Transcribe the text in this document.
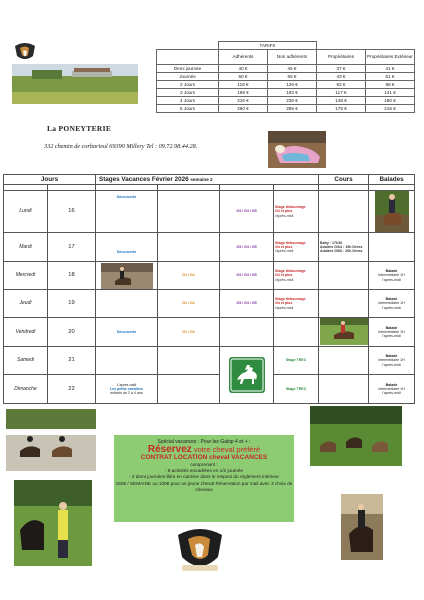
	TARIFS			
	Adhérents	Non adhérents	Propriétaires	Propriétaires Extérieur
Demi journée	40 €	45 €	37 €	41 €
Journée	60 €	65 €	43 €	51 €
2 Jours	116 €	126 €	82 €	98 €
3 Jours	168 €	183 €	117 €	141 €
4 Jours	216 €	236 €	148 €	180 €
5 Jours	260 €	285 €	175 €	215 €
La PONEYTERIE
332 chemin de corbarieul 69390 Millery Tel : 09.72.98.44.28.
Jours		Stages Vacances Février 2026 semaine 2				Cours	Balades

Lundi	16	Découverte		G3 / G4 / G5	Stage débourrage
G4 et plus
l'après-midi		

Mardi	17	Découverte		G3 / G4 / G5	Stage débourrage
G4 et plus
l'après-midi	Baby : 17h30
Adultes G3/4 : 19h Dress
Adultes G5/6 : 20h Dress	
Mercredi	18		G1 / G2	G3 / G4 / G5	Stage débourrage
G4 et plus
l'après-midi		Balade
intermédiaire 1H
l'après-midi
Jeudi	19		G1 / G2	G3 / G4 / G5	Stage débourrage
G4 et plus
l'après-midi		Balade
intermédiaire 1H
l'après-midi
Vendredi	20	Découverte	G1 / G2				Balade
intermédiaire 1H
l'après-midi
Samedi	21				Stage TREC		Balade
intermédiaire 1H
l'après-midi
Dimanche	22	L'après-midi
Les petits cavaliers
enfants de 2 à 4 ans			Stage TREC		Balade
intermédiaire 1H
l'après-midi
Spécial vacances : Pour les Galop 4 et + :
Réservez votre cheval préféré
CONTRAT LOCATION cheval VACANCES
comprenant :
- 8 activités encadrées en 1/2 journée
- 2 demi journées libre en carrière dans le respect du règlement intérieur
150€ / SEMAINE ou 100€ pour un jeune cheval Réservation par mail avec 3 choix de chevaux
